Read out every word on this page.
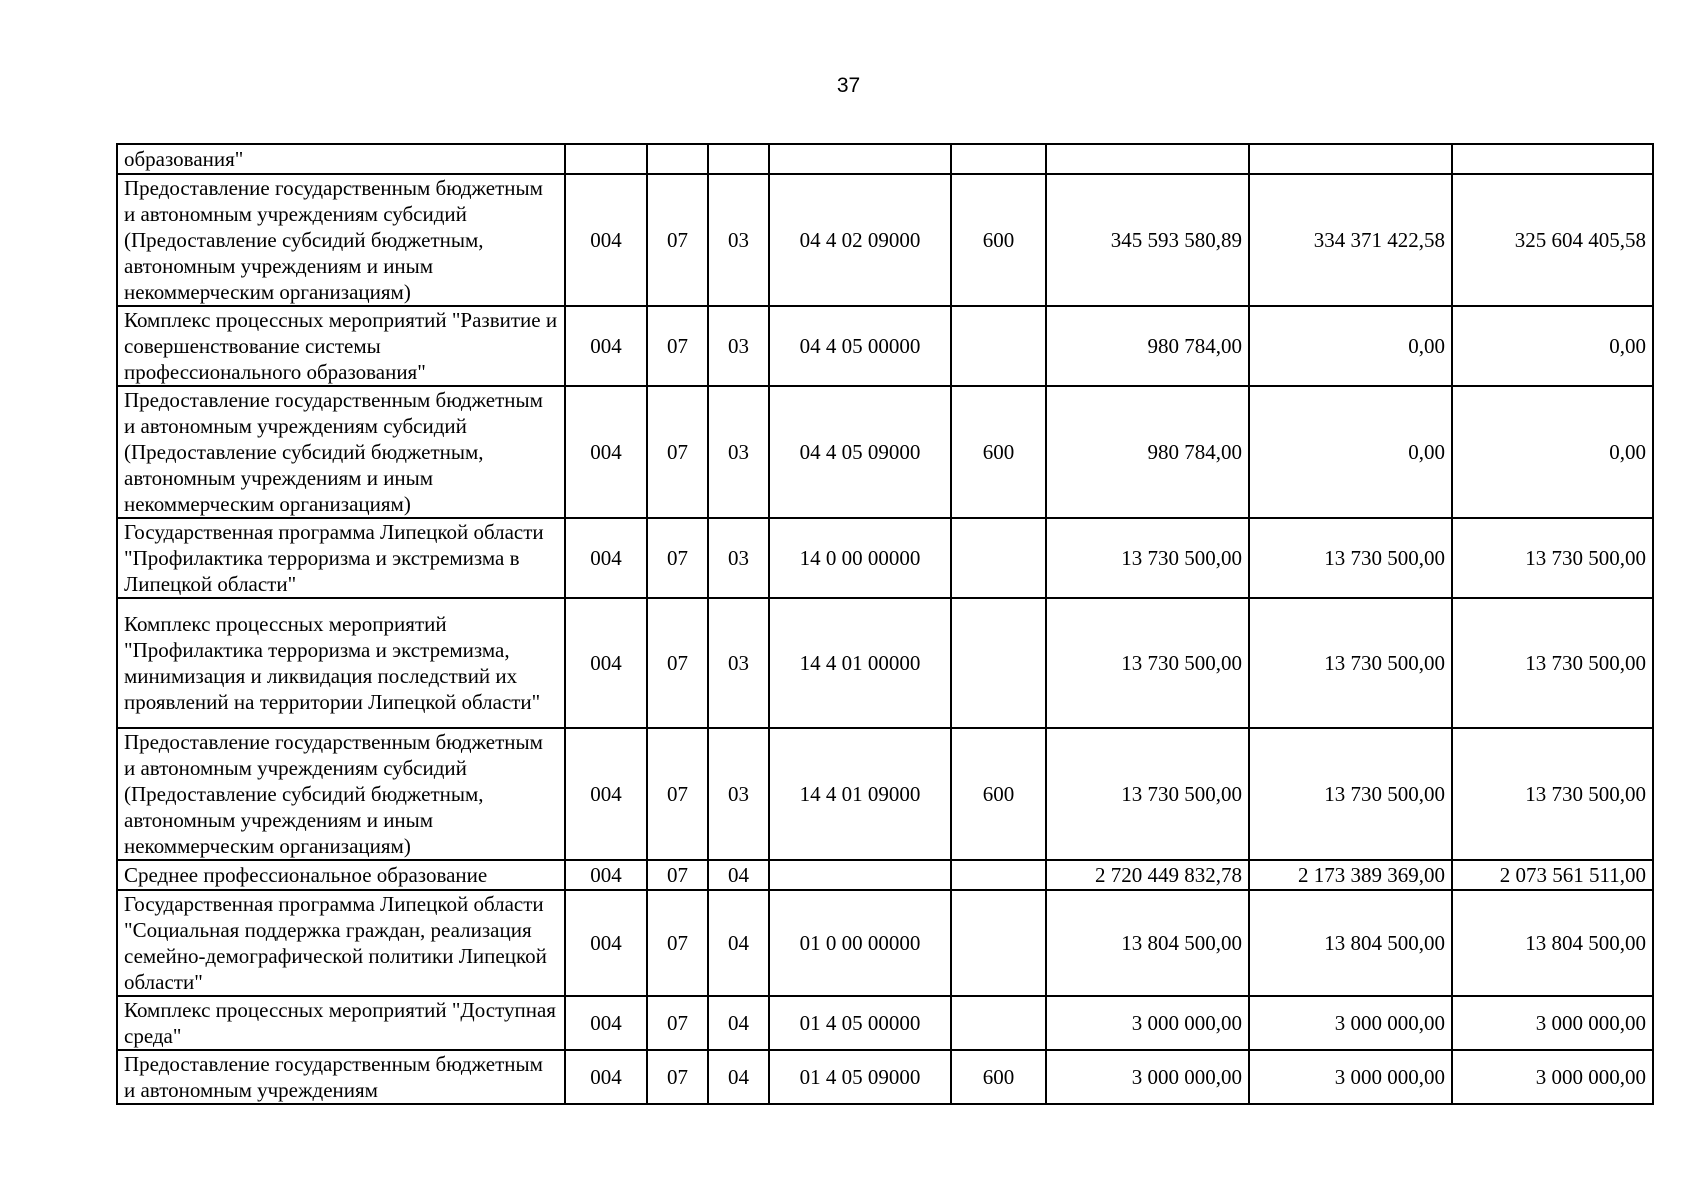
37
образования"								
Предоставление государственным бюджетным и автономным учреждениям субсидий (Предоставление субсидий бюджетным, автономным учреждениям и иным некоммерческим организациям)	004	07	03	04 4 02 09000	600	345 593 580,89	334 371 422,58	325 604 405,58
Комплекс процессных мероприятий "Развитие и совершенствование системы профессионального образования"	004	07	03	04 4 05 00000		980 784,00	0,00	0,00
Предоставление государственным бюджетным и автономным учреждениям субсидий (Предоставление субсидий бюджетным, автономным учреждениям и иным некоммерческим организациям)	004	07	03	04 4 05 09000	600	980 784,00	0,00	0,00
Государственная программа Липецкой области "Профилактика терроризма и экстремизма в Липецкой области"	004	07	03	14 0 00 00000		13 730 500,00	13 730 500,00	13 730 500,00
Комплекс процессных мероприятий "Профилактика терроризма и экстремизма, минимизация и ликвидация последствий их проявлений на территории Липецкой области"	004	07	03	14 4 01 00000		13 730 500,00	13 730 500,00	13 730 500,00
Предоставление государственным бюджетным и автономным учреждениям субсидий (Предоставление субсидий бюджетным, автономным учреждениям и иным некоммерческим организациям)	004	07	03	14 4 01 09000	600	13 730 500,00	13 730 500,00	13 730 500,00
Среднее профессиональное образование	004	07	04			2 720 449 832,78	2 173 389 369,00	2 073 561 511,00
Государственная программа Липецкой области "Социальная поддержка граждан, реализация семейно-демографической политики Липецкой области"	004	07	04	01 0 00 00000		13 804 500,00	13 804 500,00	13 804 500,00
Комплекс процессных мероприятий "Доступная среда"	004	07	04	01 4 05 00000		3 000 000,00	3 000 000,00	3 000 000,00
Предоставление государственным бюджетным и автономным учреждениям	004	07	04	01 4 05 09000	600	3 000 000,00	3 000 000,00	3 000 000,00
